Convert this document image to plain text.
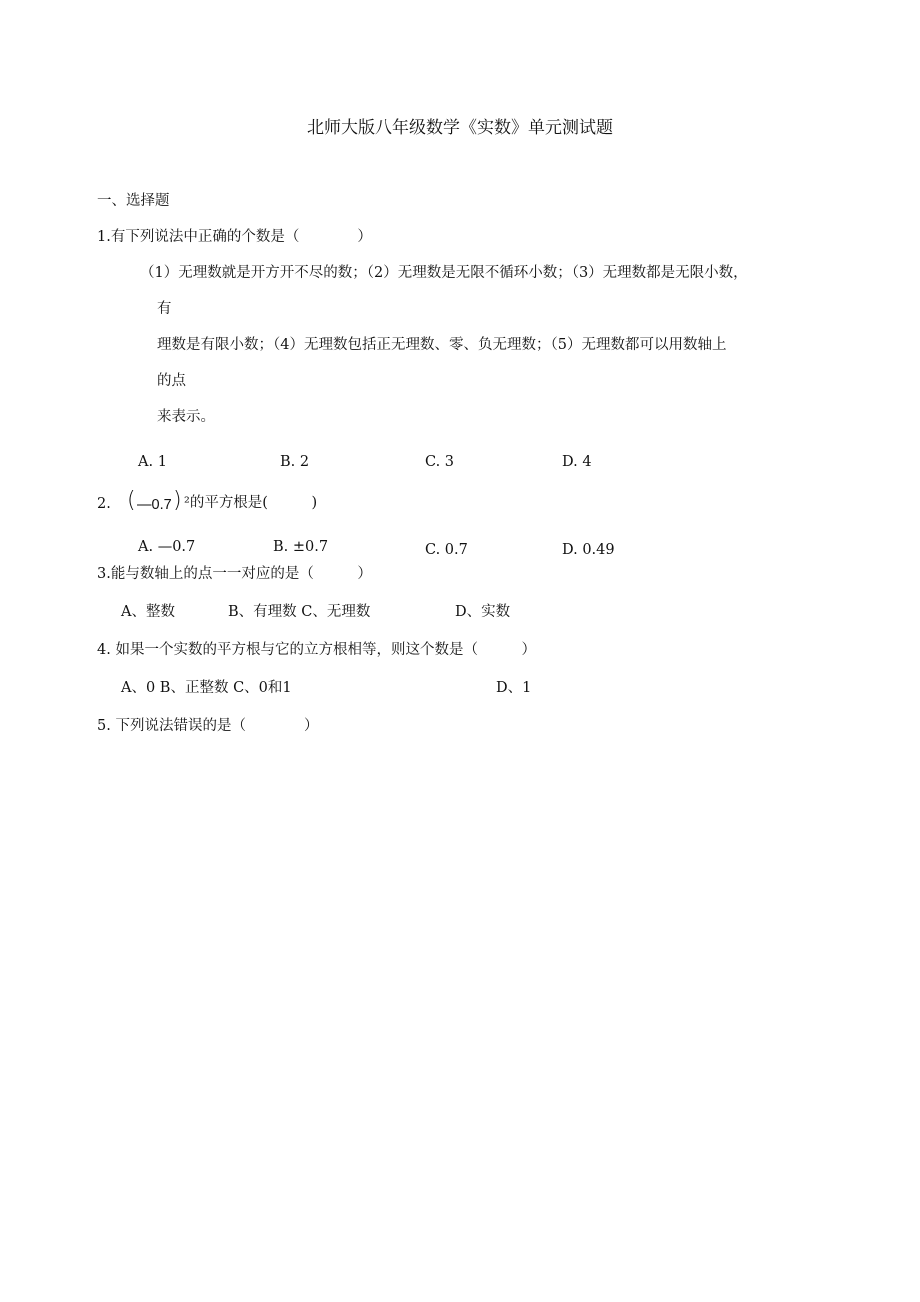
北师大版八年级数学《实数》单元测试题
一、选择题
1.有下列说法中正确的个数是（　　　　）
（1）无理数就是开方开不尽的数；（2）无理数是无限不循环小数；（3）无理数都是无限小数，
有
理数是有限小数；（4）无理数包括正无理数、零、负无理数；（5）无理数都可以用数轴上
的点
来表示。
A. 1	B. 2	C. 3	D. 4
2. ( —0.7 ) ²的平方根是(　　　)
A. —0.7	B. ±0.7	C. 0.7	D. 0.49
3.能与数轴上的点一一对应的是（　　　）
A、整数	B、有理数 C、无理数	D、实数
4. 如果一个实数的平方根与它的立方根相等，则这个数是（　　　）
A、0 B、正整数 C、0和1	D、1
5. 下列说法错误的是（　　　　）
